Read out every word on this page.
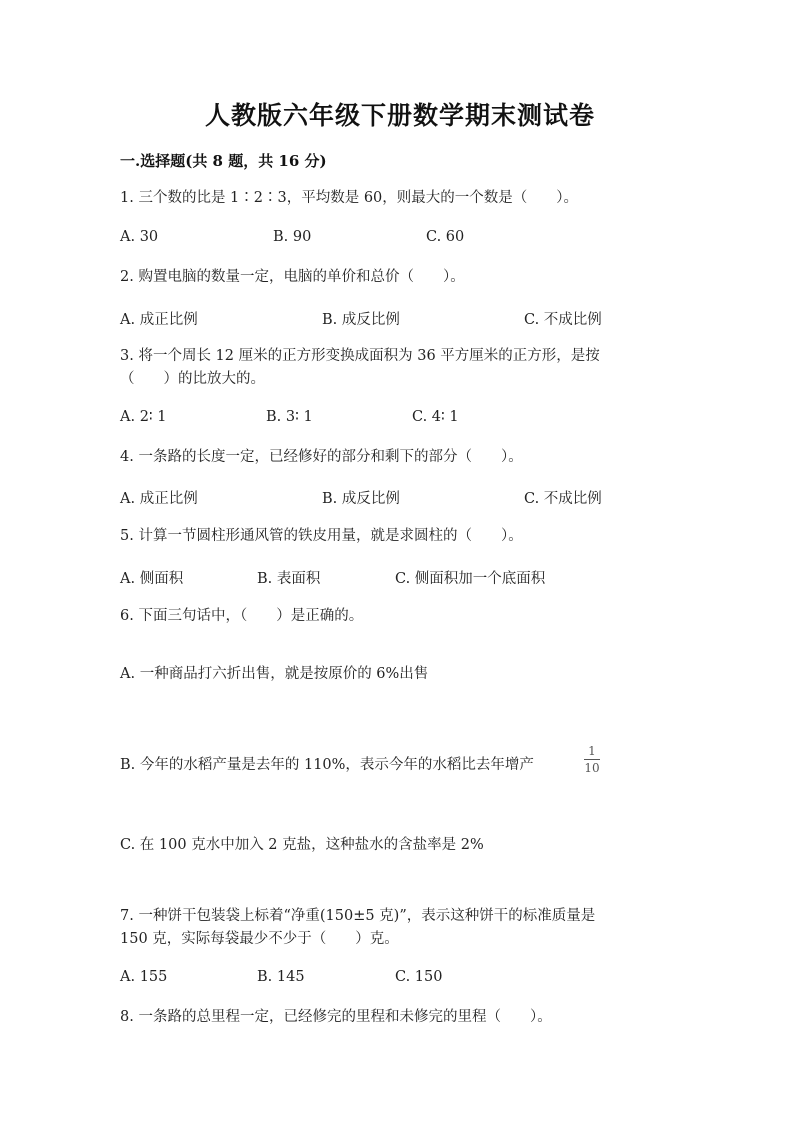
人教版六年级下册数学期末测试卷
一.选择题(共 8 题，共 16 分)
1. 三个数的比是 1∶2∶3，平均数是 60，则最大的一个数是（　　）。
A. 30	B. 90	C. 60
2. 购置电脑的数量一定，电脑的单价和总价（　　）。
A. 成正比例	B. 成反比例	C. 不成比例
3. 将一个周长 12 厘米的正方形变换成面积为 36 平方厘米的正方形，是按
（　　）的比放大的。
A. 2∶ 1	B. 3∶ 1	C. 4∶ 1
4. 一条路的长度一定，已经修好的部分和剩下的部分（　　）。
A. 成正比例	B. 成反比例	C. 不成比例
5. 计算一节圆柱形通风管的铁皮用量，就是求圆柱的（　　）。
A. 侧面积	B. 表面积	C. 侧面积加一个底面积
6. 下面三句话中，（　　）是正确的。
A. 一种商品打六折出售，就是按原价的 6%出售
B. 今年的水稻产量是去年的 110%，表示今年的水稻比去年增产
1
10
C. 在 100 克水中加入 2 克盐，这种盐水的含盐率是 2%
7. 一种饼干包装袋上标着“净重(150±5 克)”，表示这种饼干的标准质量是
150 克，实际每袋最少不少于（　　）克。
A. 155	B. 145	C. 150
8. 一条路的总里程一定，已经修完的里程和未修完的里程（　　）。
